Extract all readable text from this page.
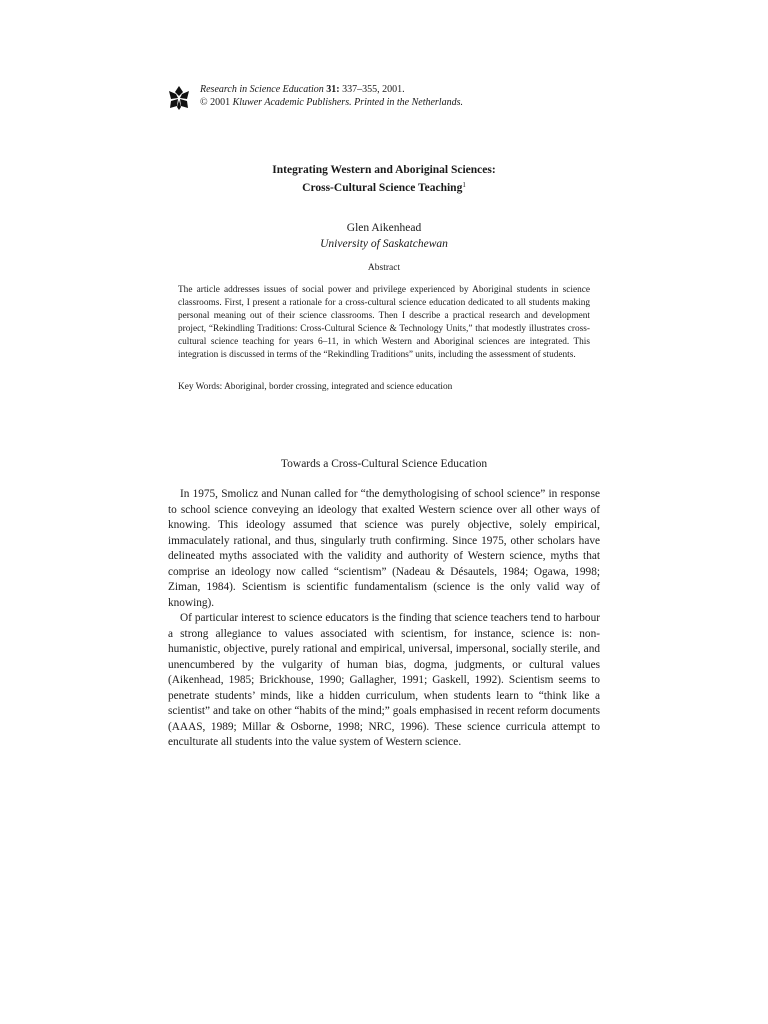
Research in Science Education 31: 337–355, 2001.
© 2001 Kluwer Academic Publishers. Printed in the Netherlands.
Integrating Western and Aboriginal Sciences:
Cross-Cultural Science Teaching$^1$
Glen Aikenhead
University of Saskatchewan
Abstract

The article addresses issues of social power and privilege experienced by Aboriginal students in science classrooms. First, I present a rationale for a cross-cultural science education dedicated to all students making personal meaning out of their science classrooms. Then I describe a practical research and development project, “Rekindling Traditions: Cross-Cultural Science & Technology Units,” that modestly illustrates cross-cultural science teaching for years 6–11, in which Western and Aboriginal sciences are integrated. This integration is discussed in terms of the “Rekindling Traditions” units, including the assessment of students.

Key Words: Aboriginal, border crossing, integrated and science education
Towards a Cross-Cultural Science Education

In 1975, Smolicz and Nunan called for “the demythologising of school science” in response to school science conveying an ideology that exalted Western science over all other ways of knowing. This ideology assumed that science was purely objective, solely empirical, immaculately rational, and thus, singularly truth confirming. Since 1975, other scholars have delineated myths associated with the validity and authority of Western science, myths that comprise an ideology now called “scientism” (Nadeau & Désautels, 1984; Ogawa, 1998; Ziman, 1984). Scientism is scientific fundamentalism (science is the only valid way of knowing).

Of particular interest to science educators is the finding that science teachers tend to harbour a strong allegiance to values associated with scientism, for instance, science is: non-humanistic, objective, purely rational and empirical, universal, impersonal, socially sterile, and unencumbered by the vulgarity of human bias, dogma, judgments, or cultural values (Aikenhead, 1985; Brickhouse, 1990; Gallagher, 1991; Gaskell, 1992). Scientism seems to penetrate students’ minds, like a hidden curriculum, when students learn to “think like a scientist” and take on other “habits of the mind;” goals emphasised in recent reform documents (AAAS, 1989; Millar & Osborne, 1998; NRC, 1996). These science curricula attempt to enculturate all students into the value system of Western science.
